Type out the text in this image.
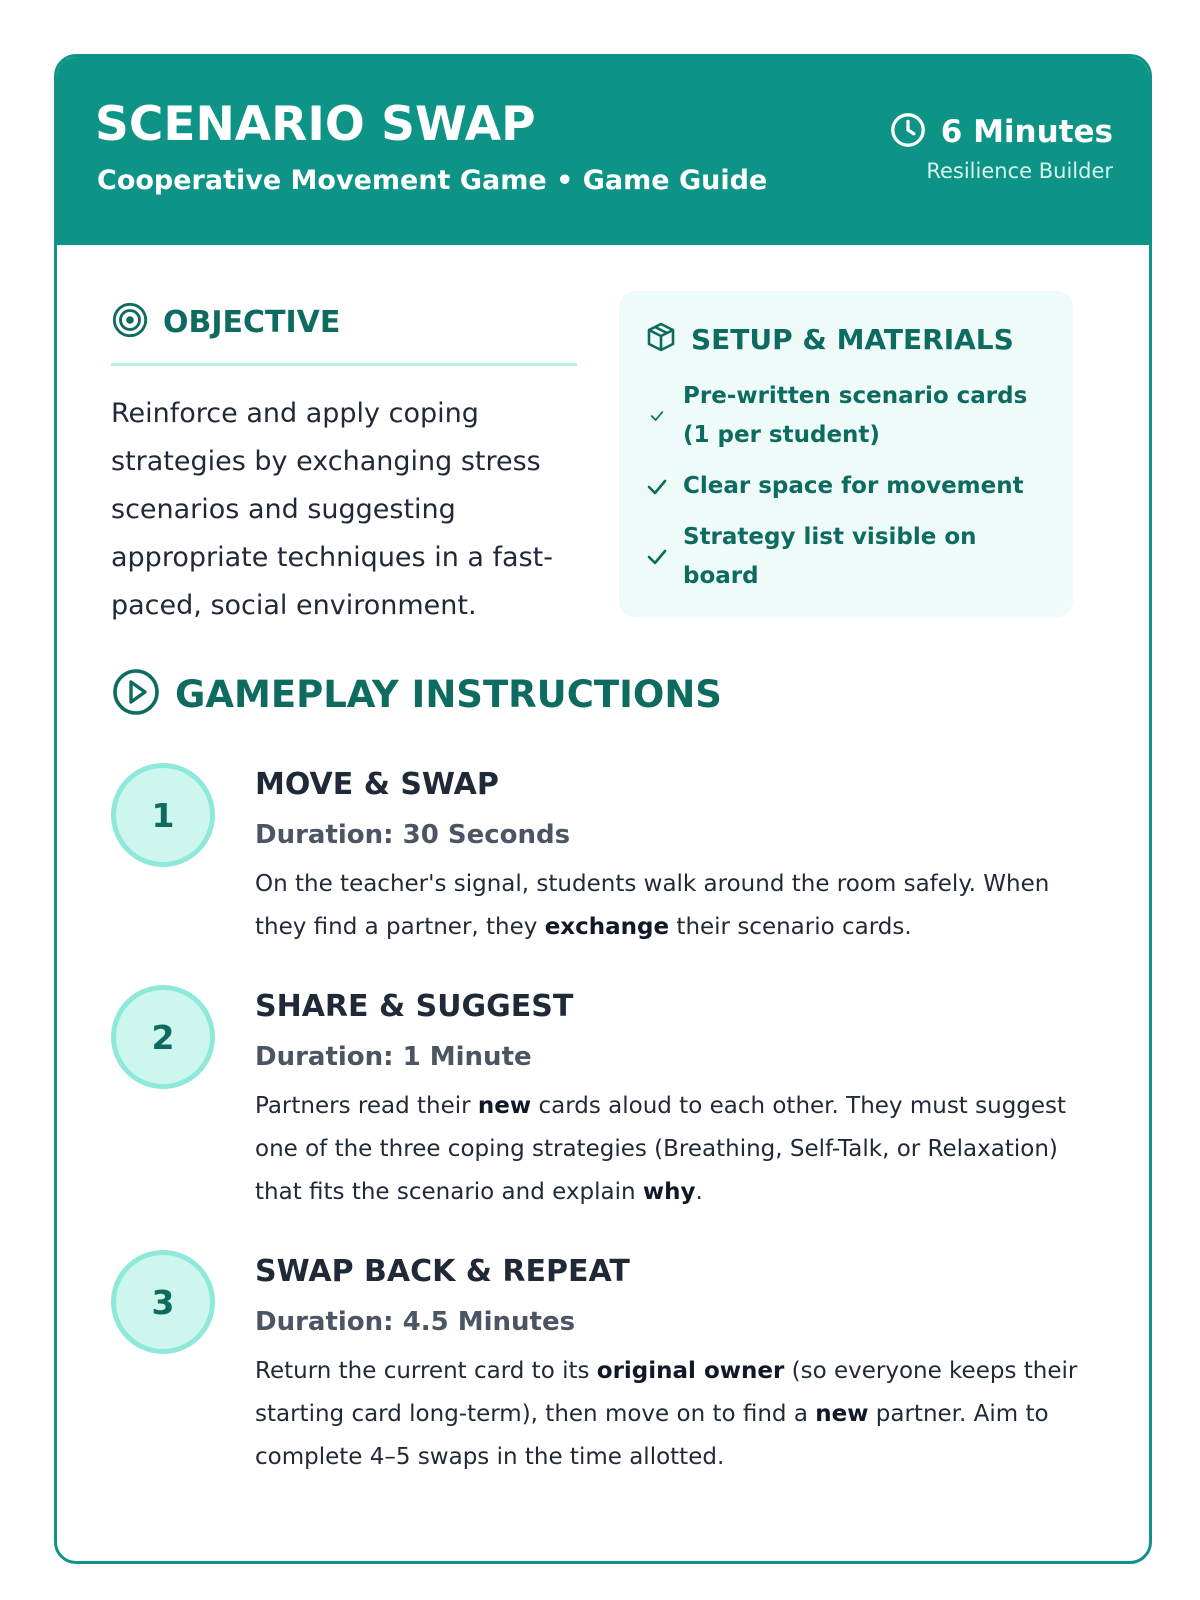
SCENARIO SWAP
Cooperative Movement Game • Game Guide
6 Minutes
Resilience Builder
OBJECTIVE

Reinforce and apply coping strategies by exchanging stress scenarios and suggesting appropriate techniques in a fast-paced, social environment.

SETUP & MATERIALS
Pre-written scenario cards (1 per student)
Clear space for movement
Strategy list visible on board
GAMEPLAY INSTRUCTIONS
1
MOVE & SWAP
Duration: 30 Seconds

On the teacher's signal, students walk around the room safely. When they find a partner, they exchange their scenario cards.

2
SHARE & SUGGEST
Duration: 1 Minute

Partners read their new cards aloud to each other. They must suggest one of the three coping strategies (Breathing, Self-Talk, or Relaxation) that fits the scenario and explain why.

3
SWAP BACK & REPEAT
Duration: 4.5 Minutes

Return the current card to its original owner (so everyone keeps their starting card long-term), then move on to find a new partner. Aim to complete 4–5 swaps in the time allotted.
